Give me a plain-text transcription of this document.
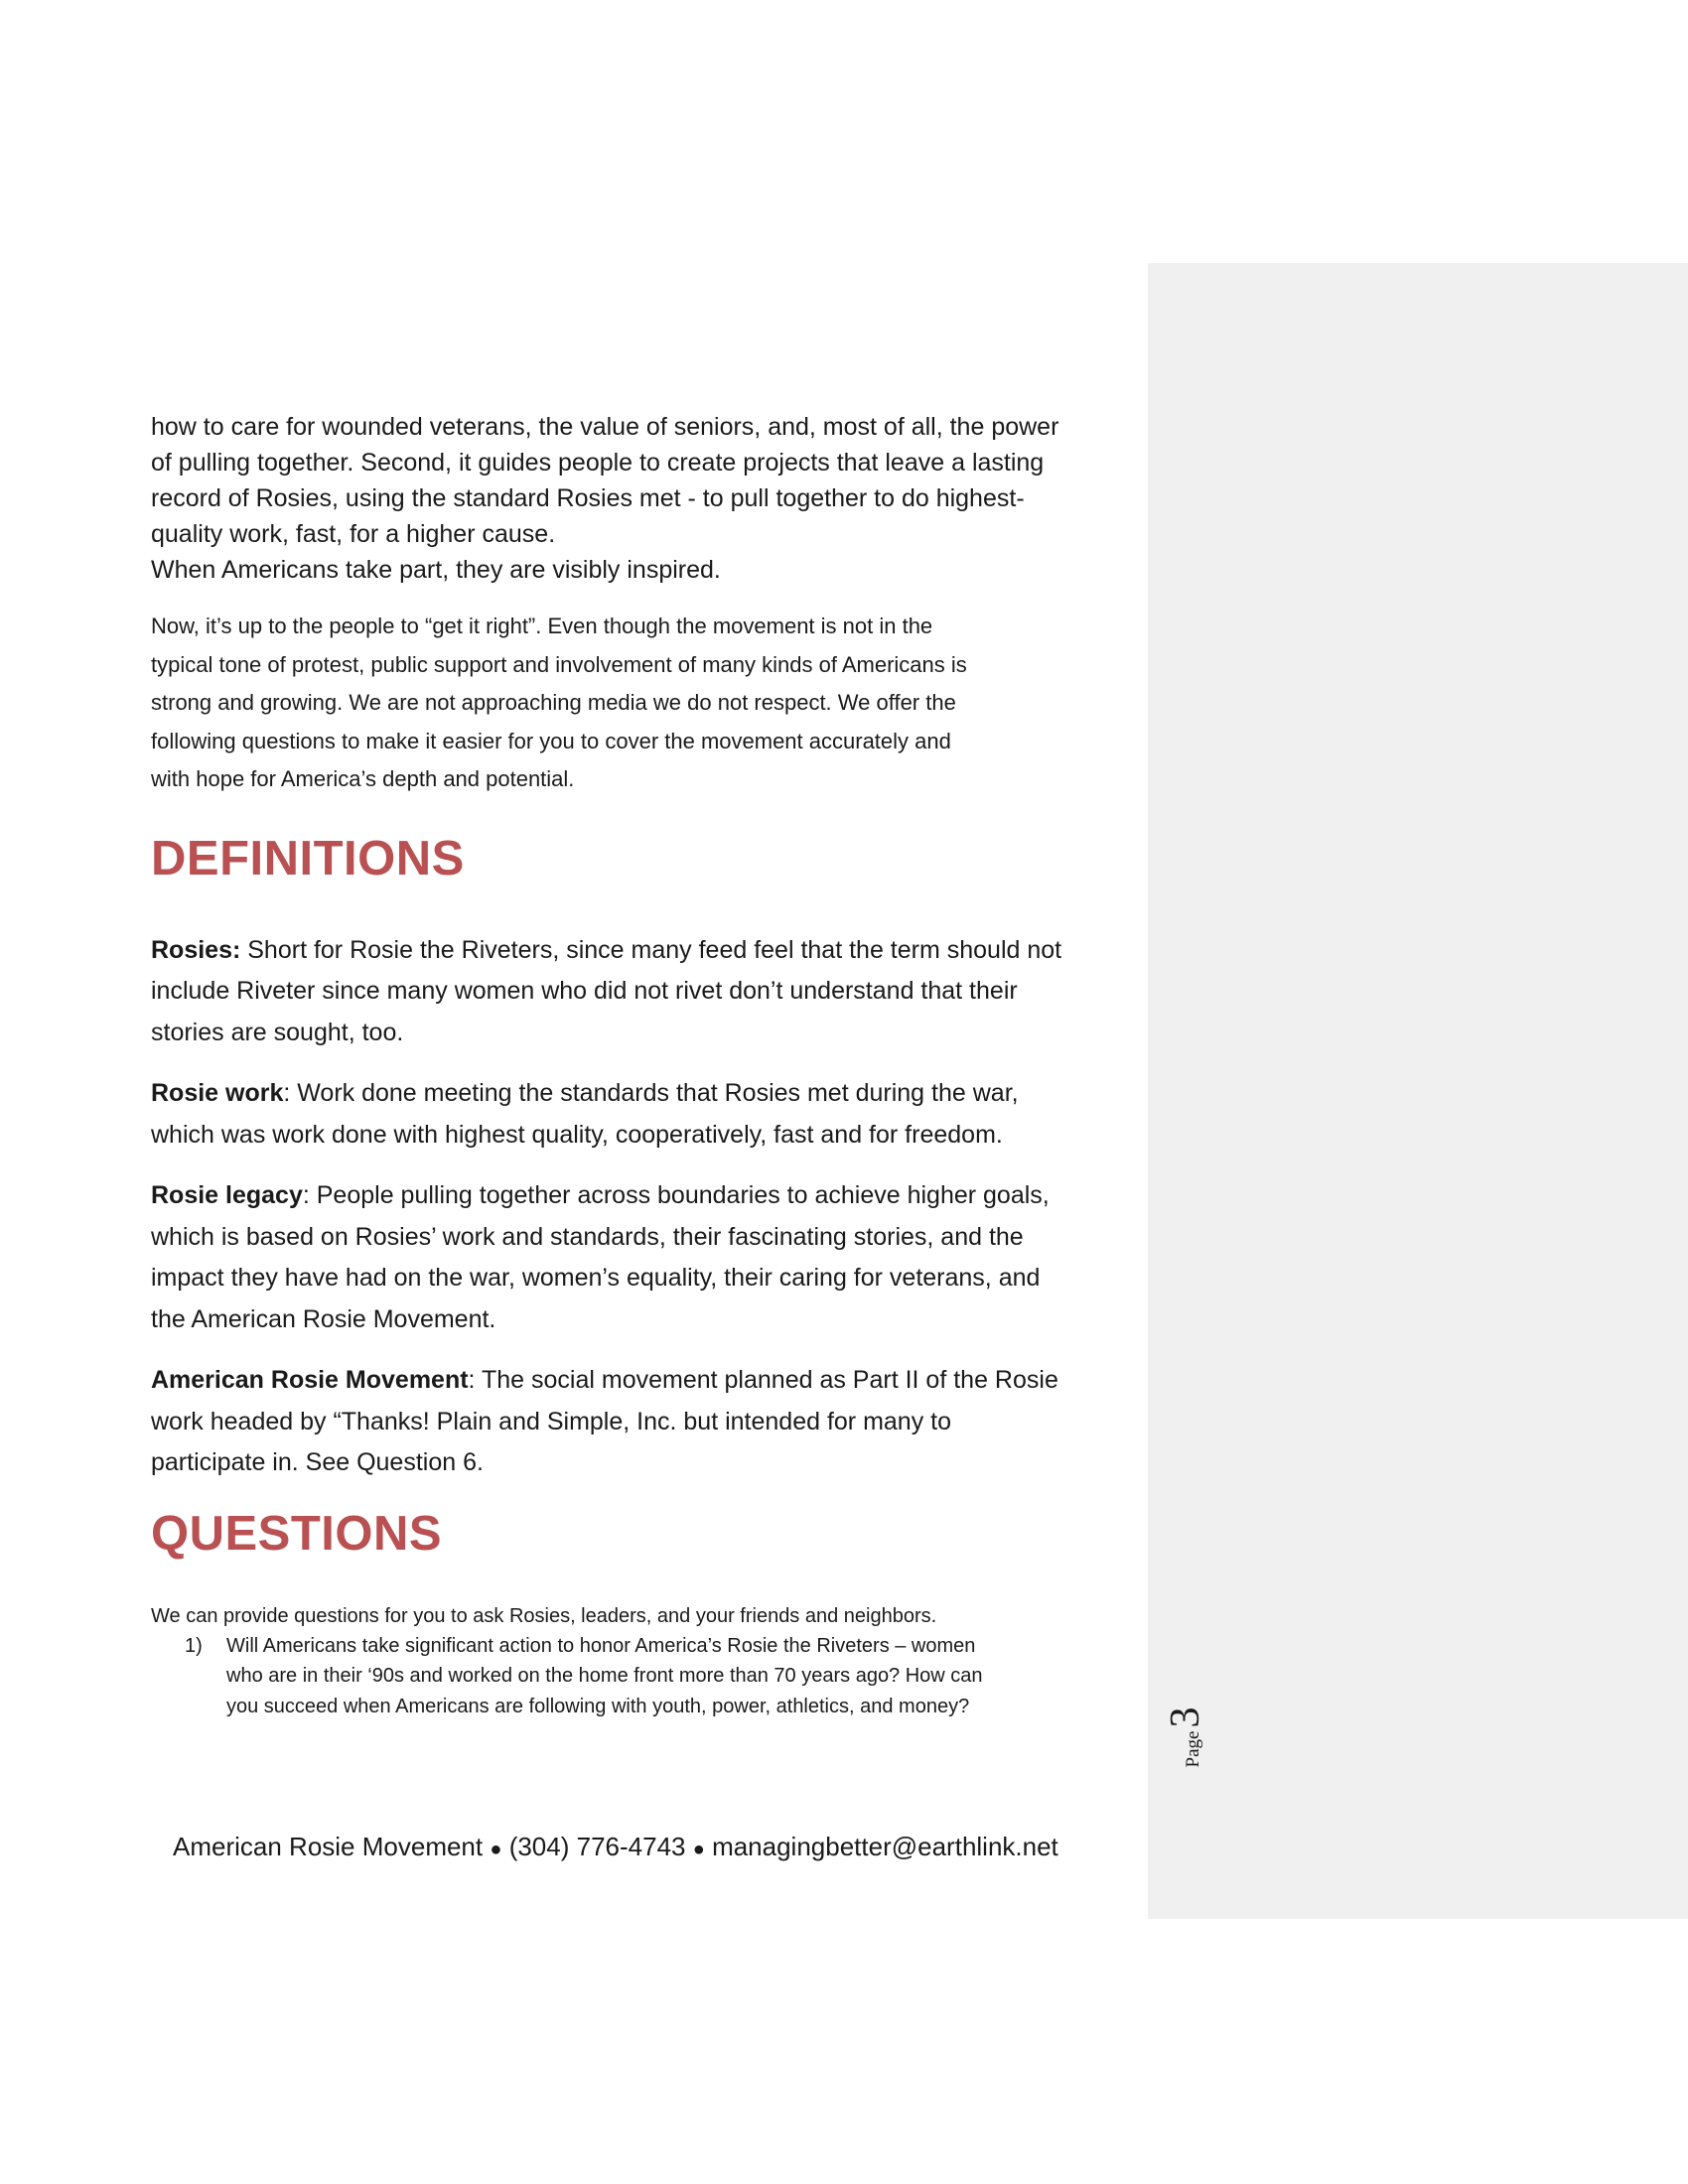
how to care for wounded veterans, the value of seniors, and, most of all, the power
of pulling together. Second, it guides people to create projects that leave a lasting
record of Rosies, using the standard Rosies met - to pull together to do highest-
quality work, fast, for a higher cause.
When Americans take part, they are visibly inspired.
Now, it’s up to the people to “get it right”. Even though the movement is not in the
typical tone of protest, public support and involvement of many kinds of Americans is
strong and growing. We are not approaching media we do not respect. We offer the
following questions to make it easier for you to cover the movement accurately and
with hope for America’s depth and potential.
DEFINITIONS
Rosies: Short for Rosie the Riveters, since many feed feel that the term should not
include Riveter since many women who did not rivet don’t understand that their
stories are sought, too.
Rosie work: Work done meeting the standards that Rosies met during the war,
which was work done with highest quality, cooperatively, fast and for freedom.
Rosie legacy: People pulling together across boundaries to achieve higher goals,
which is based on Rosies’ work and standards, their fascinating stories, and the
impact they have had on the war, women’s equality, their caring for veterans, and
the American Rosie Movement.
American Rosie Movement: The social movement planned as Part II of the Rosie
work headed by “Thanks! Plain and Simple, Inc. but intended for many to
participate in. See Question 6.
QUESTIONS
We can provide questions for you to ask Rosies, leaders, and your friends and neighbors.
1)	Will Americans take significant action to honor America’s Rosie the Riveters – women
who are in their ‘90s and worked on the home front more than 70 years ago? How can
you succeed when Americans are following with youth, power, athletics, and money?
Page
3
American Rosie Movement ● (304) 776-4743 ● managingbetter@earthlink.net
